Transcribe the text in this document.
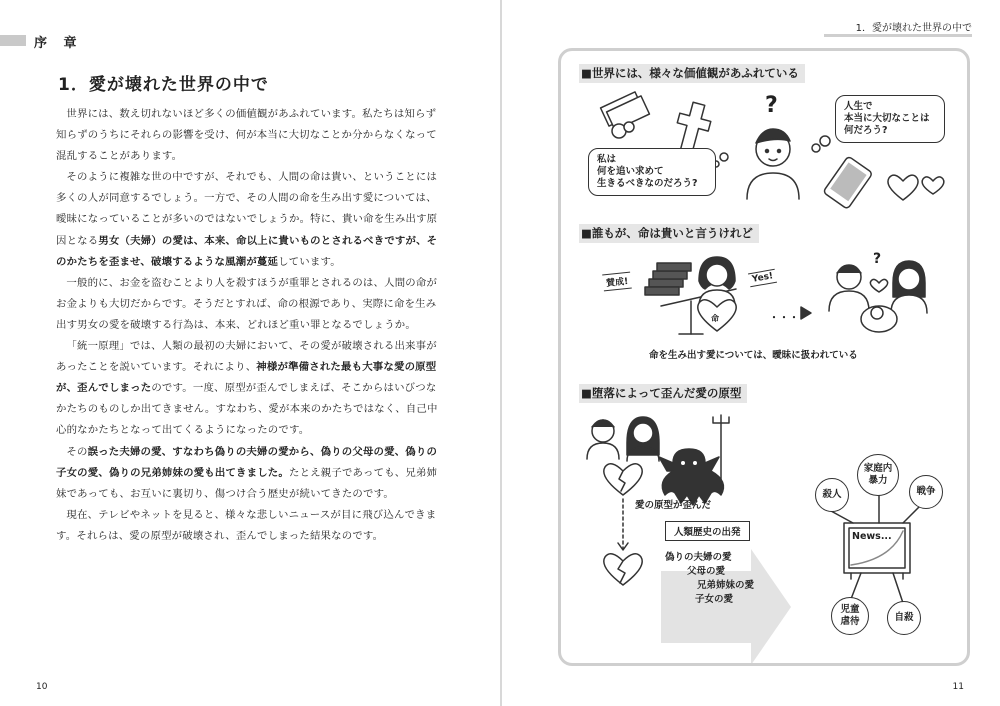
序 章
1．愛が壊れた世界の中で

世界には、数え切れないほど多くの価値観があふれています。私たちは知らず知らずのうちにそれらの影響を受け、何が本当に大切なことか分からなくなって混乱することがあります。

そのように複雑な世の中ですが、それでも、人間の命は貴い、ということには多くの人が同意するでしょう。一方で、その人間の命を生み出す愛については、曖昧になっていることが多いのではないでしょうか。特に、貴い命を生み出す原因となる男女（夫婦）の愛は、本来、命以上に貴いものとされるべきですが、そのかたちを歪ませ、破壊するような風潮が蔓延しています。

一般的に、お金を盗むことより人を殺すほうが重罪とされるのは、人間の命がお金よりも大切だからです。そうだとすれば、命の根源であり、実際に命を生み出す男女の愛を破壊する行為は、本来、どれほど重い罪となるでしょうか。

「統一原理」では、人類の最初の夫婦において、その愛が破壊される出来事があったことを説いています。それにより、神様が準備された最も大事な愛の原型が、歪んでしまったのです。一度、原型が歪んでしまえば、そこからはいびつなかたちのものしか出てきません。すなわち、愛が本来のかたちではなく、自己中心的なかたちとなって出てくるようになったのです。

その誤った夫婦の愛、すなわち偽りの夫婦の愛から、偽りの父母の愛、偽りの子女の愛、偽りの兄弟姉妹の愛も出てきました。たとえ親子であっても、兄弟姉妹であっても、お互いに裏切り、傷つけ合う歴史が続いてきたのです。

現在、テレビやネットを見ると、様々な悲しいニュースが目に飛び込んできます。それらは、愛の原型が破壊され、歪んでしまった結果なのです。

10
1．愛が壊れた世界の中で
■世界には、様々な価値観があふれている
私は
何を追い求めて
生きるべきなのだろう?
人生で
本当に大切なことは
何だろう?
?
■誰もが、命は貴いと言うけれど
賛成!	Yes!
命	・・・
?
命を生み出す愛については、曖昧に扱われている
■堕落によって歪んだ愛の原型
愛の原型が歪んだ
人類歴史の出発
偽りの夫婦の愛
父母の愛
兄弟姉妹の愛
子女の愛
News...
殺人
家庭内
暴力
戦争
児童
虐待	自殺
11
